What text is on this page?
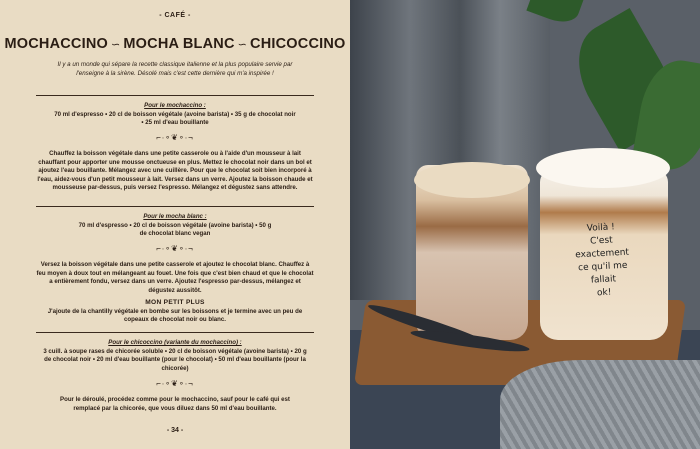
- CAFÉ -
MOCHACCINO ∽ MOCHA BLANC ∽ CHICOCCINO
Il y a un monde qui sépare la recette classique italienne et la plus populaire servie par l'enseigne à la sirène. Désolé mais c'est cette dernière qui m'a inspirée !
Pour le mochaccino :
70 ml d'espresso • 20 cl de boisson végétale (avoine barista) • 35 g de chocolat noir • 25 ml d'eau bouillante
⌐∙∘❦∘∙¬
Chauffez la boisson végétale dans une petite casserole ou à l'aide d'un mousseur à lait chauffant pour apporter une mousse onctueuse en plus. Mettez le chocolat noir dans un bol et ajoutez l'eau bouillante. Mélangez avec une cuillère. Pour que le chocolat soit bien incorporé à l'eau, aidez-vous d'un petit mousseur à lait. Versez dans un verre. Ajoutez la boisson chaude et mousseuse par-dessus, puis versez l'espresso. Mélangez et dégustez sans attendre.
Pour le mocha blanc :
70 ml d'espresso • 20 cl de boisson végétale (avoine barista) • 50 g de chocolat blanc vegan
⌐∙∘❦∘∙¬
Versez la boisson végétale dans une petite casserole et ajoutez le chocolat blanc. Chauffez à feu moyen à doux tout en mélangeant au fouet. Une fois que c'est bien chaud et que le chocolat a entièrement fondu, versez dans un verre. Ajoutez l'espresso par-dessus, mélangez et dégustez aussitôt.
MON PETIT PLUS
J'ajoute de la chantilly végétale en bombe sur les boissons et je termine avec un peu de copeaux de chocolat noir ou blanc.
Pour le chicoccino (variante du mochaccino) :
3 cuill. à soupe rases de chicorée soluble • 20 cl de boisson végétale (avoine barista) • 20 g de chocolat noir • 20 ml d'eau bouillante (pour le chocolat) • 50 ml d'eau bouillante (pour la chicorée)
⌐∙∘❦∘∙¬
Pour le déroulé, procédez comme pour le mochaccino, sauf pour le café qui est remplacé par la chicorée, que vous diluez dans 50 ml d'eau bouillante.
- 34 -
Voilà !
C'est
exactement
ce qu'il me
fallait
ok!
